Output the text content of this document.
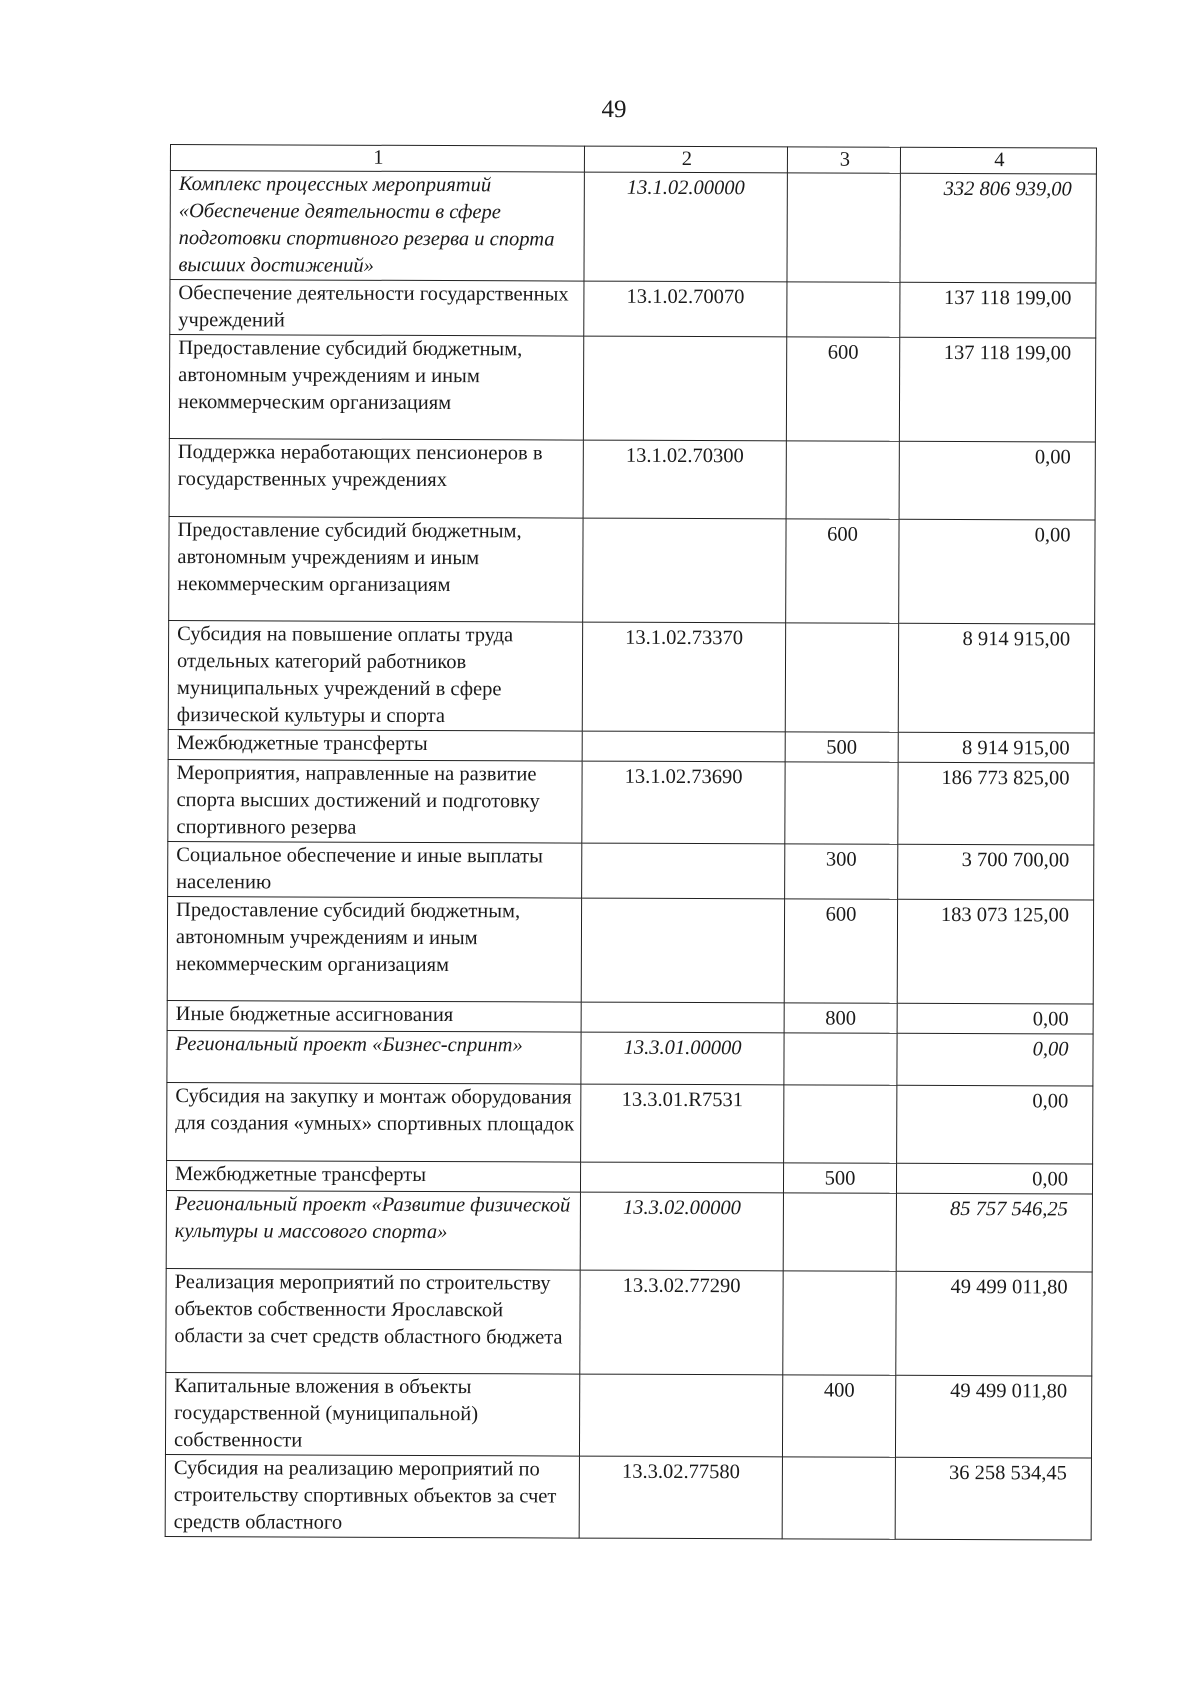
49
1	2	3	4
Комплекс процессных мероприятий «Обеспечение деятельности в сфере подготовки спортивного резерва и спорта высших достижений»	13.1.02.00000		332 806 939,00
Обеспечение деятельности государственных учреждений	13.1.02.70070		137 118 199,00
Предоставление субсидий бюджетным, автономным учреждениям и иным некоммерческим организациям		600	137 118 199,00
Поддержка неработающих пенсионеров в государственных учреждениях	13.1.02.70300		0,00
Предоставление субсидий бюджетным, автономным учреждениям и иным некоммерческим организациям		600	0,00
Субсидия на повышение оплаты труда отдельных категорий работников муниципальных учреждений в сфере физической культуры и спорта	13.1.02.73370		8 914 915,00
Межбюджетные трансферты		500	8 914 915,00
Мероприятия, направленные на развитие спорта высших достижений и подготовку спортивного резерва	13.1.02.73690		186 773 825,00
Социальное обеспечение и иные выплаты населению		300	3 700 700,00
Предоставление субсидий бюджетным, автономным учреждениям и иным некоммерческим организациям		600	183 073 125,00
Иные бюджетные ассигнования		800	0,00
Региональный проект «Бизнес-спринт»	13.3.01.00000		0,00
Субсидия на закупку и монтаж оборудования для создания «умных» спортивных площадок	13.3.01.R7531		0,00
Межбюджетные трансферты		500	0,00
Региональный проект «Развитие физической культуры и массового спорта»	13.3.02.00000		85 757 546,25
Реализация мероприятий по строительству объектов собственности Ярославской области за счет средств областного бюджета	13.3.02.77290		49 499 011,80
Капитальные вложения в объекты государственной (муниципальной) собственности		400	49 499 011,80
Субсидия на реализацию мероприятий по строительству спортивных объектов за счет средств областного	13.3.02.77580		36 258 534,45
